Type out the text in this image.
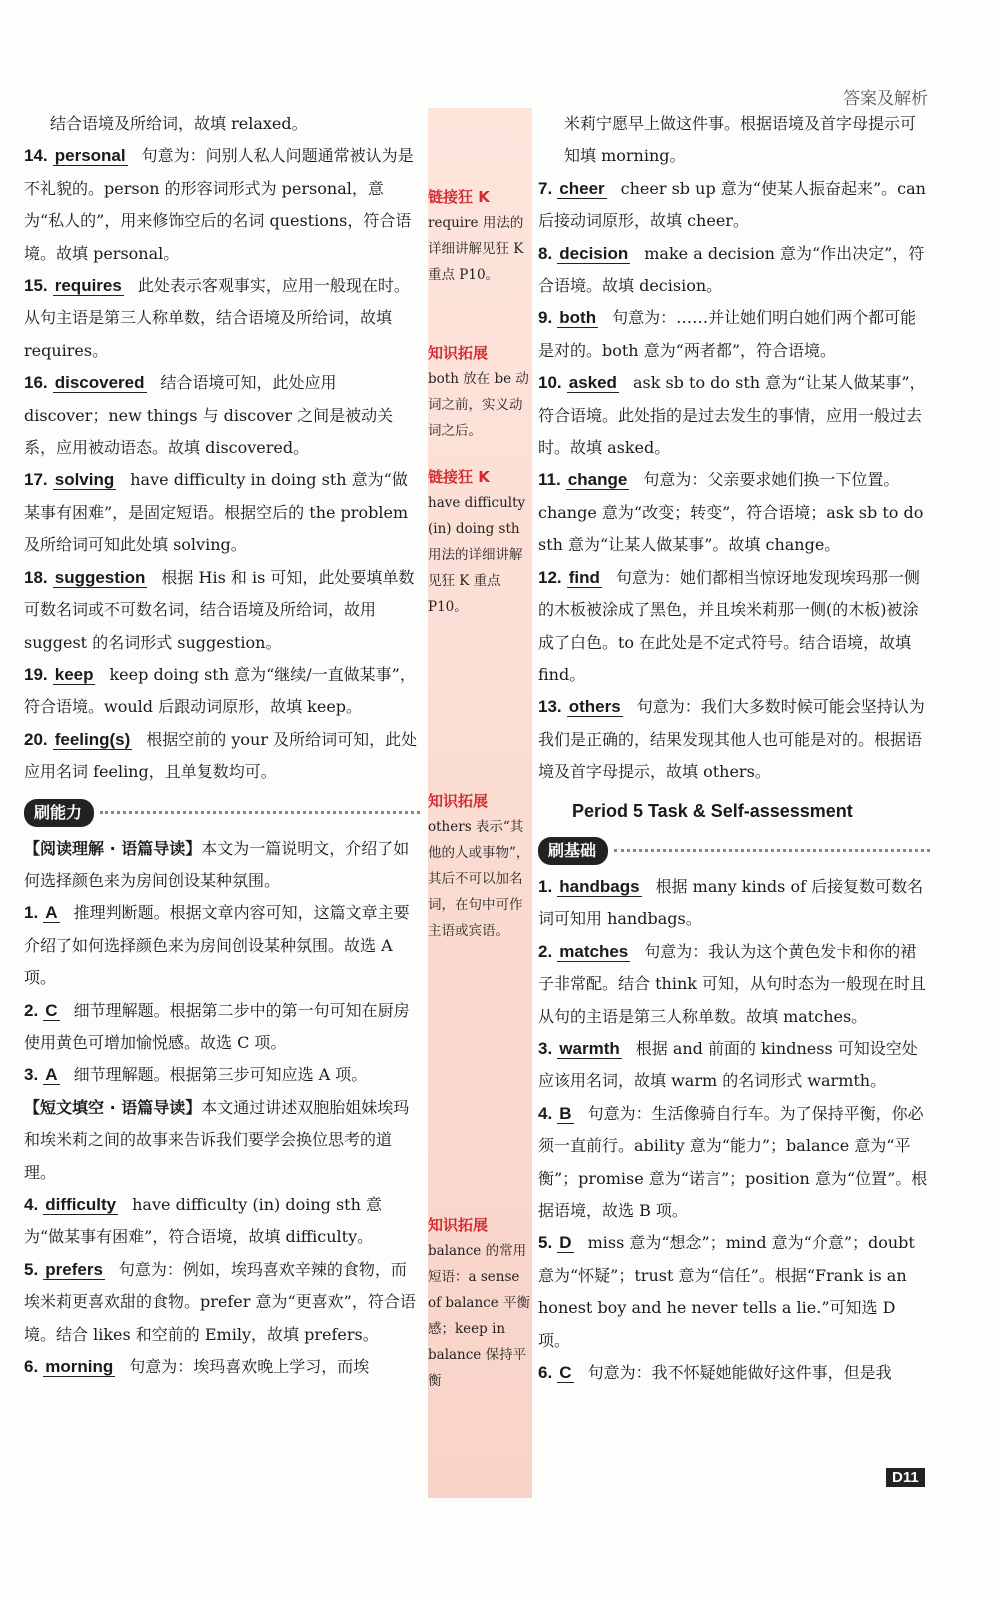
答案及解析
结合语境及所给词，故填 relaxed。
14. personal 句意为：问别人私人问题通常被认为是不礼貌的。person 的形容词形式为 personal，意为“私人的”，用来修饰空后的名词 questions，符合语境。故填 personal。
15. requires 此处表示客观事实，应用一般现在时。从句主语是第三人称单数，结合语境及所给词，故填 requires。
16. discovered 结合语境可知，此处应用 discover；new things 与 discover 之间是被动关系，应用被动语态。故填 discovered。
17. solving have difficulty in doing sth 意为“做某事有困难”，是固定短语。根据空后的 the problem 及所给词可知此处填 solving。
18. suggestion 根据 His 和 is 可知，此处要填单数可数名词或不可数名词，结合语境及所给词，故用 suggest 的名词形式 suggestion。
19. keep keep doing sth 意为“继续/一直做某事”，符合语境。would 后跟动词原形，故填 keep。
20. feeling(s) 根据空前的 your 及所给词可知，此处应用名词 feeling，且单复数均可。
刷能力
【阅读理解 · 语篇导读】本文为一篇说明文，介绍了如何选择颜色来为房间创设某种氛围。
1. A 推理判断题。根据文章内容可知，这篇文章主要介绍了如何选择颜色来为房间创设某种氛围。故选 A 项。
2. C 细节理解题。根据第二步中的第一句可知在厨房使用黄色可增加愉悦感。故选 C 项。
3. A 细节理解题。根据第三步可知应选 A 项。
【短文填空 · 语篇导读】本文通过讲述双胞胎姐妹埃玛和埃米莉之间的故事来告诉我们要学会换位思考的道理。
4. difficulty have difficulty (in) doing sth 意为“做某事有困难”，符合语境，故填 difficulty。
5. prefers 句意为：例如，埃玛喜欢辛辣的食物，而埃米莉更喜欢甜的食物。prefer 意为“更喜欢”，符合语境。结合 likes 和空前的 Emily，故填 prefers。
6. morning 句意为：埃玛喜欢晚上学习，而埃
链接狂 K
require 用法的详细讲解见狂 K 重点 P10。
知识拓展
both 放在 be 动词之前，实义动词之后。
链接狂 K
have difficulty (in) doing sth 用法的详细讲解见狂 K 重点 P10。
知识拓展
others 表示“其他的人或事物”，其后不可以加名词，在句中可作主语或宾语。
知识拓展
balance 的常用短语：a sense of balance 平衡感；keep in balance 保持平衡
米莉宁愿早上做这件事。根据语境及首字母提示可知填 morning。
7. cheer cheer sb up 意为“使某人振奋起来”。can 后接动词原形，故填 cheer。
8. decision make a decision 意为“作出决定”，符合语境。故填 decision。
9. both 句意为：……并让她们明白她们两个都可能是对的。both 意为“两者都”，符合语境。
10. asked ask sb to do sth 意为“让某人做某事”，符合语境。此处指的是过去发生的事情，应用一般过去时。故填 asked。
11. change 句意为：父亲要求她们换一下位置。change 意为“改变；转变”，符合语境；ask sb to do sth 意为“让某人做某事”。故填 change。
12. find 句意为：她们都相当惊讶地发现埃玛那一侧的木板被涂成了黑色，并且埃米莉那一侧(的木板)被涂成了白色。to 在此处是不定式符号。结合语境，故填 find。
13. others 句意为：我们大多数时候可能会坚持认为我们是正确的，结果发现其他人也可能是对的。根据语境及首字母提示，故填 others。
Period 5 Task & Self-assessment
刷基础
1. handbags 根据 many kinds of 后接复数可数名词可知用 handbags。
2. matches 句意为：我认为这个黄色发卡和你的裙子非常配。结合 think 可知，从句时态为一般现在时且从句的主语是第三人称单数。故填 matches。
3. warmth 根据 and 前面的 kindness 可知设空处应该用名词，故填 warm 的名词形式 warmth。
4. B 句意为：生活像骑自行车。为了保持平衡，你必须一直前行。ability 意为“能力”；balance 意为“平衡”；promise 意为“诺言”；position 意为“位置”。根据语境，故选 B 项。
5. D miss 意为“想念”；mind 意为“介意”；doubt 意为“怀疑”；trust 意为“信任”。根据“Frank is an honest boy and he never tells a lie.”可知选 D 项。
6. C 句意为：我不怀疑她能做好这件事，但是我
D11
